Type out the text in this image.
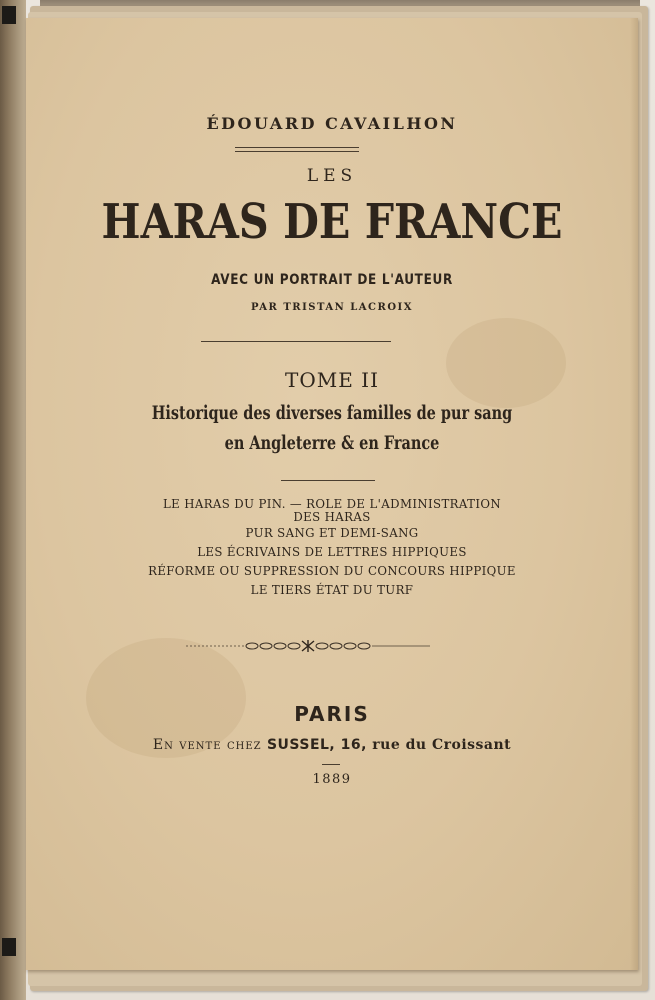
ÉDOUARD CAVAILHON
LES
HARAS DE FRANCE
AVEC UN PORTRAIT DE L'AUTEUR
PAR TRISTAN LACROIX
TOME II
Historique des diverses familles de pur sang
en Angleterre & en France
LE HARAS DU PIN. — ROLE DE L'ADMINISTRATION
DES HARAS
PUR SANG ET DEMI-SANG
LES ÉCRIVAINS DE LETTRES HIPPIQUES
RÉFORME OU SUPPRESSION DU CONCOURS HIPPIQUE
LE TIERS ÉTAT DU TURF
PARIS
En vente chez SUSSEL, 16, rue du Croissant
1889
